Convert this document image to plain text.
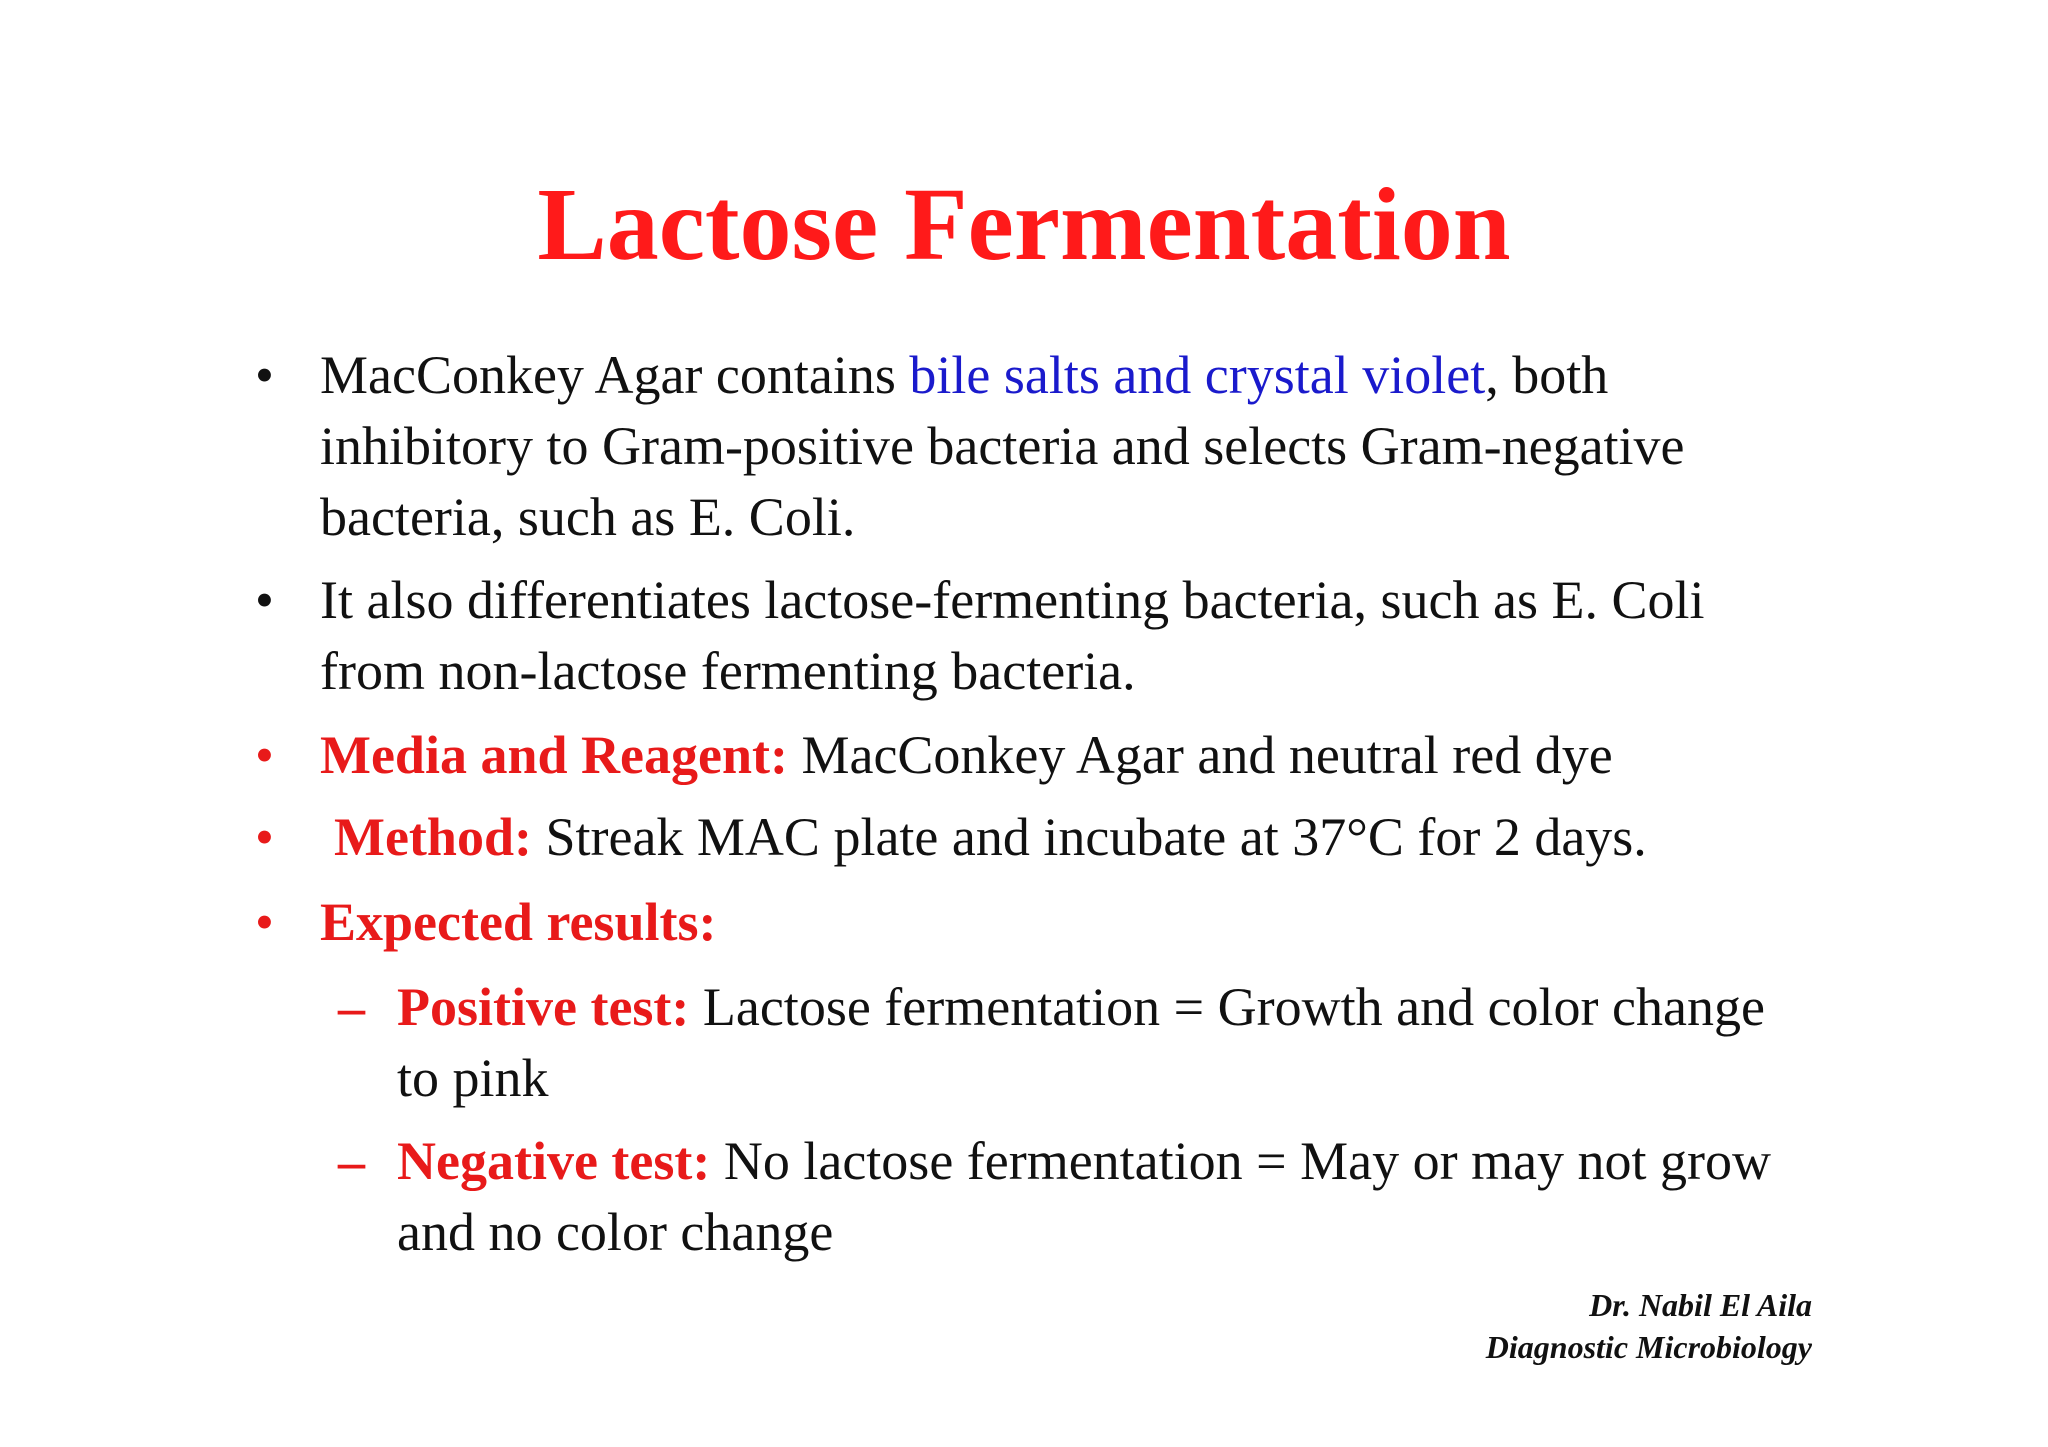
Lactose Fermentation
• MacConkey Agar contains bile salts and crystal violet, both inhibitory to Gram-positive bacteria and selects Gram-negative bacteria, such as E. Coli.
• It also differentiates lactose-fermenting bacteria, such as E. Coli from non-lactose fermenting bacteria.
• Media and Reagent: MacConkey Agar and neutral red dye
• Method: Streak MAC plate and incubate at 37°C for 2 days.
• Expected results:
– Positive test: Lactose fermentation = Growth and color change to pink
– Negative test: No lactose fermentation = May or may not grow and no color change
Dr. Nabil El Aila
Diagnostic Microbiology
